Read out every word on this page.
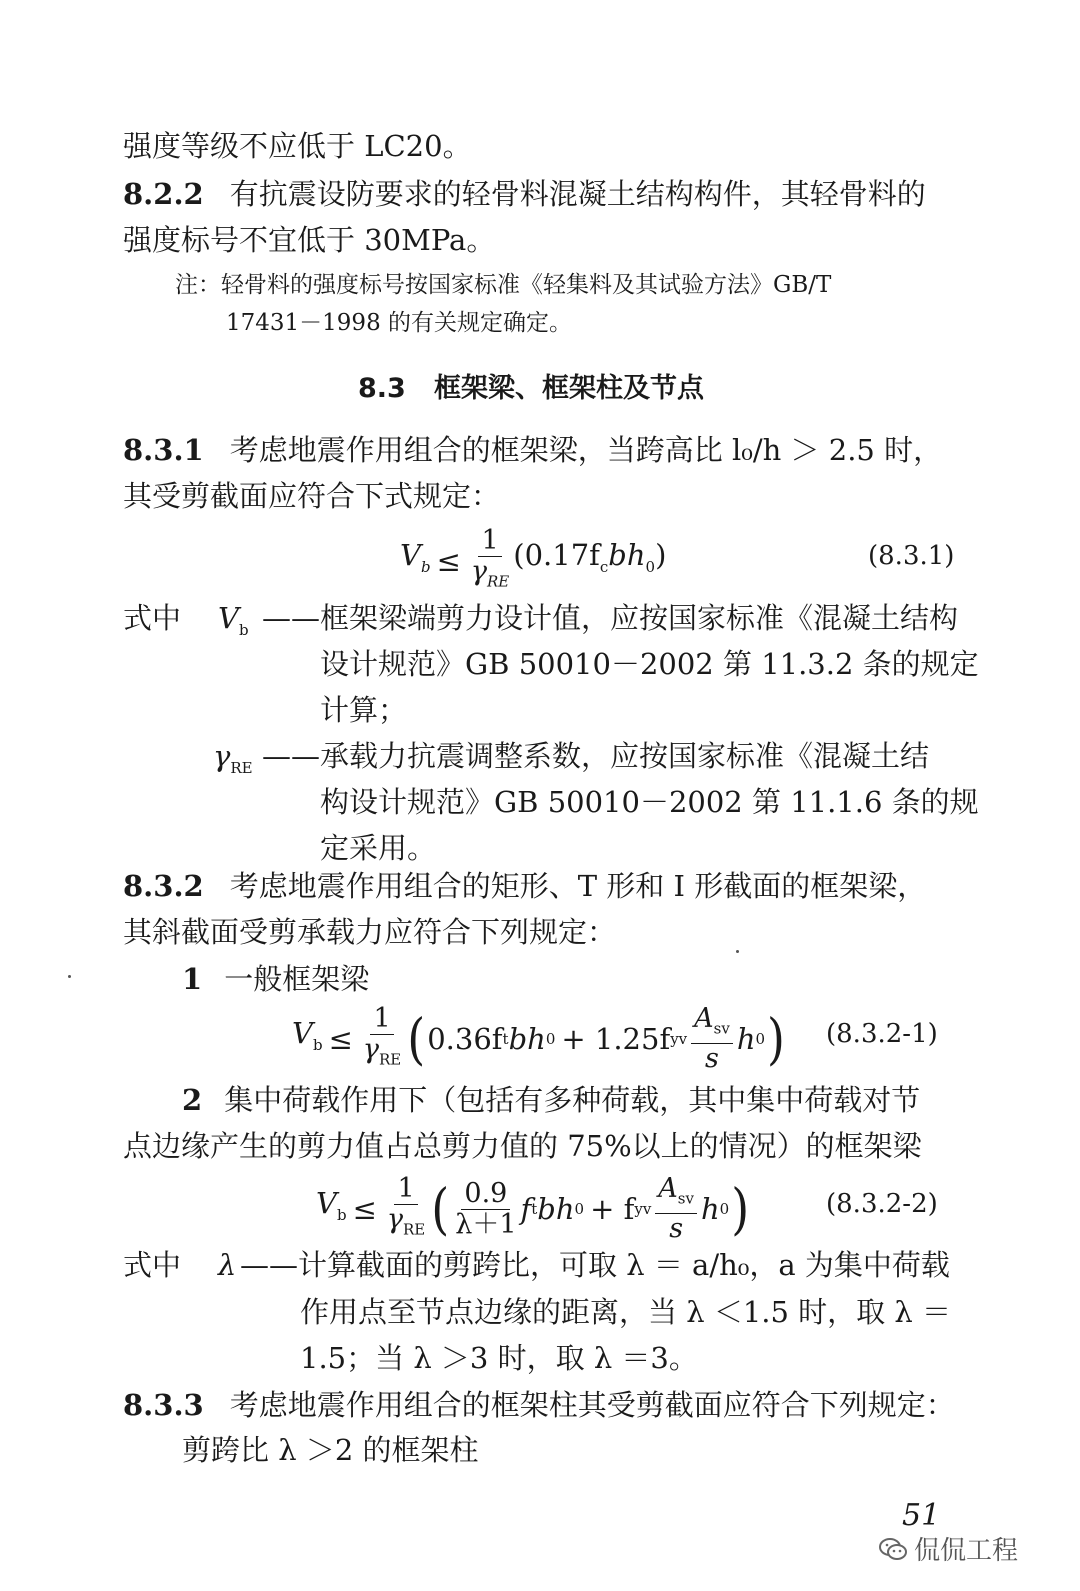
强度等级不应低于 LC20。
8.2.2 有抗震设防要求的轻骨料混凝土结构构件，其轻骨料的
强度标号不宜低于 30MPa。
注：轻骨料的强度标号按国家标准《轻集料及其试验方法》GB/T
17431－1998 的有关规定确定。
8.3 框架梁、框架柱及节点
8.3.1 考虑地震作用组合的框架梁，当跨高比 l₀/h ＞ 2.5 时，
其受剪截面应符合下式规定：
$V_b \le \frac{1}{\gamma_{RE}} (0.17f_cbh_0)$	(8.3.1)
式中 $V_b$ ——框架梁端剪力设计值，应按国家标准《混凝土结构
设计规范》GB 50010－2002 第 11.3.2 条的规定
计算；
$\gamma_{RE}$ ——承载力抗震调整系数，应按国家标准《混凝土结
构设计规范》GB 50010－2002 第 11.1.6 条的规
定采用。
8.3.2 考虑地震作用组合的矩形、T 形和 I 形截面的框架梁，
其斜截面受剪承载力应符合下列规定：
1 一般框架梁
$V_b \le \frac{1}{\gamma_{RE}}$ ( 0.36f t bh 0 + 1.25f yv $\frac{A_{sv}}{s}$ h 0 ) (8.3.2-1)
2 集中荷载作用下（包括有多种荷载，其中集中荷载对节
点边缘产生的剪力值占总剪力值的 75%以上的情况）的框架梁
$V_b \le \frac{1}{\gamma_{RE}}$ ( $\frac{0.9}{\lambda+1}$ f t bh 0 + f yv $\frac{A_{sv}}{s}$ h 0 )	(8.3.2-2)
式中 λ ——计算截面的剪跨比，可取 λ ＝ a/h₀，a 为集中荷载
作用点至节点边缘的距离，当 λ ＜1.5 时，取 λ ＝
1.5；当 λ ＞3 时，取 λ ＝3。
8.3.3 考虑地震作用组合的框架柱其受剪截面应符合下列规定：
剪跨比 λ ＞2 的框架柱
51
侃侃工程
